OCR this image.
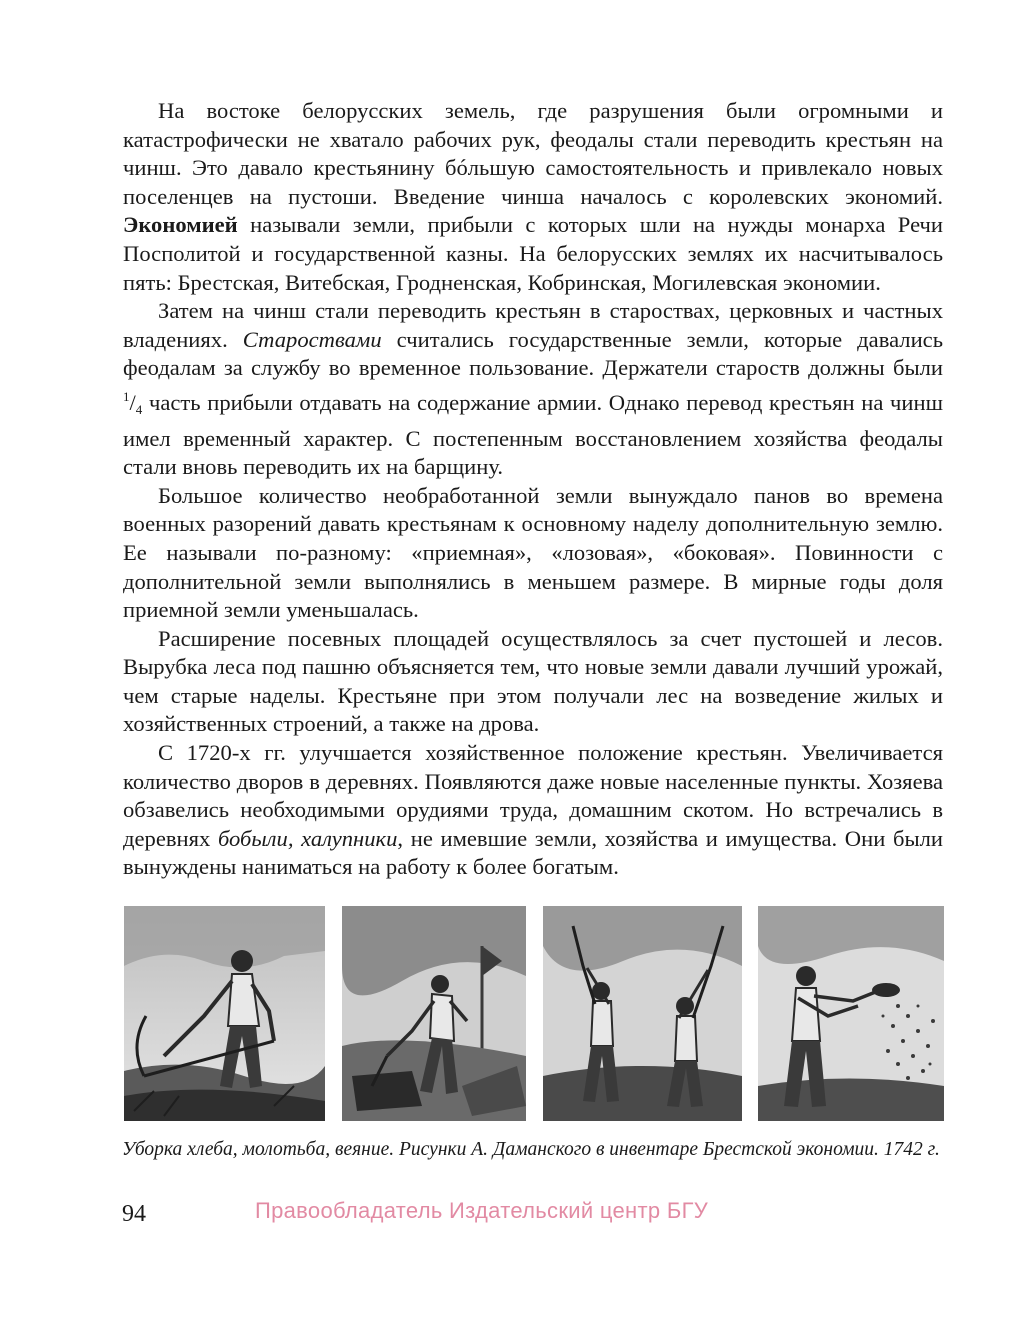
На востоке белорусских земель, где разрушения были огромными и катастрофически не хватало рабочих рук, феодалы стали переводить крестьян на чинш. Это давало крестьянину бóльшую самостоятельность и привлекало новых поселенцев на пустоши. Введение чинша началось с королевских экономий. Экономией называли земли, прибыли с которых шли на нужды монарха Речи Посполитой и государственной казны. На белорусских землях их насчитывалось пять: Брестская, Витебская, Гродненская, Кобринская, Могилевская экономии.

Затем на чинш стали переводить крестьян в староствах, церковных и частных владениях. Староствами считались государственные земли, которые давались феодалам за службу во временное пользование. Держатели староств должны были $^1/_4$ часть прибыли отдавать на содержание армии. Однако перевод крестьян на чинш имел временный характер. С постепенным восстановлением хозяйства феодалы стали вновь переводить их на барщину.

Большое количество необработанной земли вынуждало панов во времена военных разорений давать крестьянам к основному наделу дополнительную землю. Ее называли по-разному: «приемная», «лозовая», «боковая». Повинности с дополнительной земли выполнялись в меньшем размере. В мирные годы доля приемной земли уменьшалась.

Расширение посевных площадей осуществлялось за счет пустошей и лесов. Вырубка леса под пашню объясняется тем, что новые земли давали лучший урожай, чем старые наделы. Крестьяне при этом получали лес на возведение жилых и хозяйственных строений, а также на дрова.

С 1720-х гг. улучшается хозяйственное положение крестьян. Увеличивается количество дворов в деревнях. Появляются даже новые населенные пункты. Хозяева обзавелись необходимыми орудиями труда, домашним скотом. Но встречались в деревнях бобыли, халупники, не имевшие земли, хозяйства и имущества. Они были вынуждены наниматься на работу к более богатым.

Уборка хлеба, молотьба, веяние. Рисунки А. Даманского в инвентаре Брестской экономии. 1742 г.
94	Правообладатель Издательский центр БГУ
